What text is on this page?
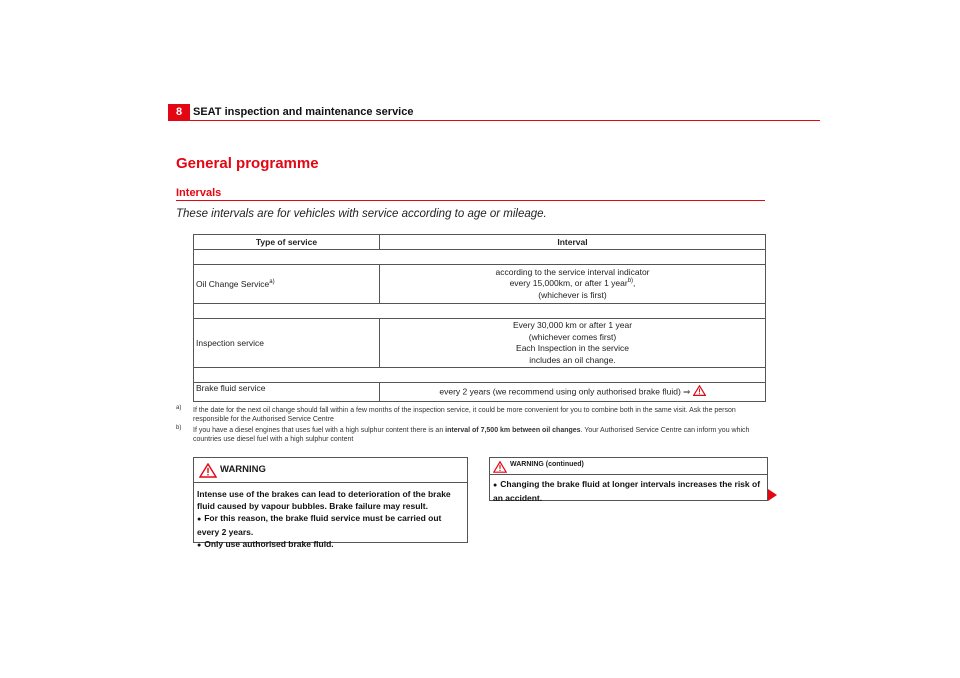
8 SEAT inspection and maintenance service
General programme
Intervals
These intervals are for vehicles with service according to age or mileage.
Type of service	Interval

Oil Change Service$^{a)}$	according to the service interval indicator
every 15,000km, or after 1 year$^{b)}$,
(whichever is first)

Inspection service	Every 30,000 km or after 1 year
(whichever comes first)
Each Inspection in the service
includes an oil change.

Brake fluid service	every 2 years (we recommend using only authorised brake fluid) ⇒
a) If the date for the next oil change should fall within a few months of the inspection service, it could be more convenient for you to combine both in the same visit. Ask the person responsible for the Authorised Service Centre
b) If you have a diesel engines that uses fuel with a high sulphur content there is an interval of 7,500 km between oil changes. Your Authorised Service Centre can inform you which countries use diesel fuel with a high sulphur content
WARNING
Intense use of the brakes can lead to deterioration of the brake fluid caused by vapour bubbles. Brake failure may result.
● For this reason, the brake fluid service must be carried out every 2 years.
● Only use authorised brake fluid.
WARNING (continued)
● Changing the brake fluid at longer intervals increases the risk of an accident.
